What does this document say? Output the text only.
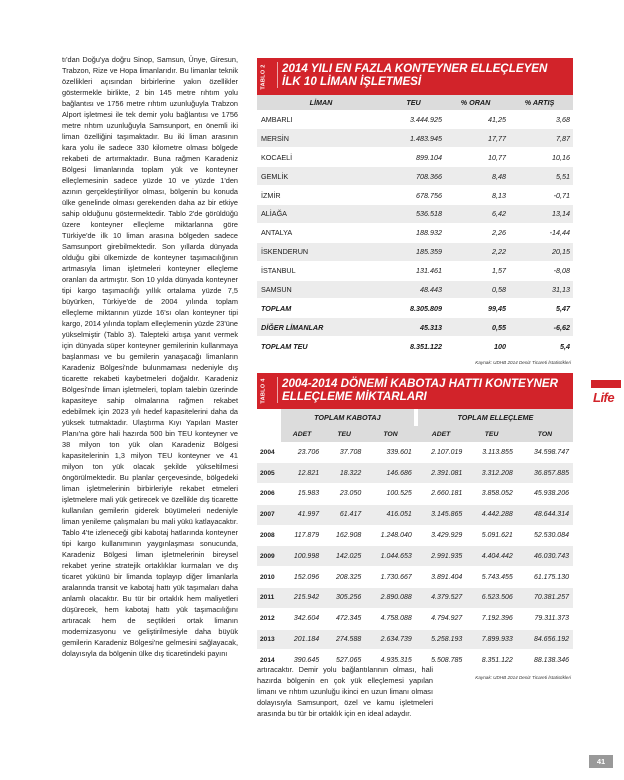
tı'dan Doğu'ya doğru Sinop, Samsun, Ünye, Giresun, Trabzon, Rize ve Hopa limanlarıdır. Bu limanlar teknik özellikleri açısından birbirlerine yakın özellikler göstermekle birlikte, 2 bin 145 metre rıhtım yolu bağlantısı ve 1756 metre rıhtım uzunluğuyla Trabzon Alport işletmesi ile tek demir yolu bağlantısı ve 1756 metre rıhtım uzunluğuyla Samsunport, en önemli iki liman özelliğini taşımaktadır. Bu iki liman arasının kara yolu ile sadece 330 kilometre olması bölgede rekabeti de artırmaktadır. Buna rağmen Karadeniz Bölgesi limanlarında toplam yük ve konteyner elleçlemesinin sadece yüzde 10 ve yüzde 1'den azının gerçekleştiriliyor olması, bölgenin bu konuda ülke genelinde olması gerekenden daha az bir etkiye sahip olduğunu göstermektedir. Tablo 2'de görüldüğü üzere konteyner elleçleme miktarlarına göre Türkiye'de ilk 10 liman arasına bölgeden sadece Samsunport girebilmektedir. Son yıllarda dünyada olduğu gibi ülkemizde de konteyner taşımacılığının artmasıyla liman işletmeleri konteyner elleçleme oranları da artmıştır. Son 10 yılda dünyada konteyner tipi kargo taşımacılığı yıllık ortalama yüzde 7,5 büyürken, Türkiye'de de 2004 yılında toplam elleçleme miktarının yüzde 16'sı olan konteyner tipi kargo, 2014 yılında toplam elleçlemenin yüzde 23'üne yükselmiştir (Tablo 3). Talepteki artışa yanıt vermek için dünyada süper konteyner gemilerinin kullanmaya başlanması ve bu gemilerin yanaşacağı limanların Karadeniz Bölgesi'nde bulunmaması nedeniyle dış ticarette rekabeti kaybetmeleri doğaldır. Karadeniz Bölgesi'nde liman işletmeleri, toplam talebin üzerinde kapasiteye sahip olmalarına rağmen rekabet edebilmek için 2023 yılı hedef kapasitelerini daha da yüksek tutmaktadır. Ulaştırma Kıyı Yapıları Master Planı'na göre hali hazırda 500 bin TEU konteyner ve 38 milyon ton yük olan Karadeniz Bölgesi kapasitelerinin 1,3 milyon TEU konteyner ve 41 milyon ton yük olacak şekilde yükseltilmesi öngörülmektedir. Bu planlar çerçevesinde, bölgedeki liman işletmelerinin birbirleriyle rekabet etmeleri işletmelere mali yük getirecek ve özellikle dış ticarette kullanılan gemilerin giderek büyümeleri nedeniyle liman yenileme çalışmaları bu mali yükü katlayacaktır. Tablo 4'te izleneceği gibi kabotaj hatlarında konteyner tipi kargo kullanımının yaygınlaşması sonucunda, Karadeniz Bölgesi liman işletmelerinin bireysel rekabet yerine stratejik ortaklıklar kurmaları ve dış ticaret yükünü bir limanda toplayıp diğer limanlarla aralarında transit ve kabotaj hattı yük taşımaları daha anlamlı olacaktır. Bu tür bir ortaklık hem maliyetleri düşürecek, hem kabotaj hattı yük taşımacılığını artıracak hem de seçtikleri ortak limanın modernizasyonu ve geliştirilmesiyle daha büyük gemilerin Karadeniz Bölgesi'ne gelmesini sağlayacak, dolayısıyla da bölgenin ülke dış ticaretindeki payını

TABLO 2 2014 YILI EN FAZLA KONTEYNER ELLEÇLEYEN
İLK 10 LİMAN İŞLETMESİ
LİMAN	TEU	% ORAN	% ARTIŞ
AMBARLI	3.444.925	41,25	3,68
MERSİN	1.483.945	17,77	7,87
KOCAELİ	899.104	10,77	10,16
GEMLİK	708.366	8,48	5,51
İZMİR	678.756	8,13	-0,71
ALİAĞA	536.518	6,42	13,14
ANTALYA	188.932	2,26	-14,44
İSKENDERUN	185.359	2,22	20,15
İSTANBUL	131.461	1,57	-8,08
SAMSUN	48.443	0,58	31,13
TOPLAM	8.305.809	99,45	5,47
DİĞER LİMANLAR	45.313	0,55	-6,62
TOPLAM TEU	8.351.122	100	5,4
Kaynak: UDHB 2014 Deniz Ticareti İstatistikleri
TABLO 4 2004-2014 DÖNEMİ KABOTAJ HATTI KONTEYNER
ELLEÇLEME MİKTARLARI
	TOPLAM KABOTAJ			TOPLAM ELLEÇLEME		
	ADET	TEU	TON	ADET	TEU	TON
2004	23.706	37.708	339.601	2.107.019	3.113.855	34.598.747
2005	12.821	18.322	146.686	2.391.081	3.312.208	36.857.885
2006	15.983	23.050	100.525	2.660.181	3.858.052	45.938.206
2007	41.997	61.417	416.051	3.145.865	4.442.288	48.644.314
2008	117.879	162.908	1.248.040	3.429.929	5.091.621	52.530.084
2009	100.998	142.025	1.044.653	2.991.935	4.404.442	46.030.743
2010	152.096	208.325	1.730.667	3.891.404	5.743.455	61.175.130
2011	215.942	305.256	2.890.088	4.379.527	6.523.506	70.381.257
2012	342.604	472.345	4.758.088	4.794.927	7.192.396	79.311.373
2013	201.184	274.588	2.634.739	5.258.193	7.899.933	84.656.192
2014	390.645	527.065	4.935.315	5.508.785	8.351.122	88.138.346
Kaynak: UDHB 2014 Deniz Ticareti İstatistikleri

artıracaktır. Demir yolu bağlantılarının olması, hali hazırda bölgenin en çok yük elleçlemesi yapılan limanı ve rıhtım uzunluğu ikinci en uzun limanı olması dolayısıyla Samsunport, özel ve kamu işletmeleri arasında bu tür bir ortaklık için en ideal adaydır.

Life
41
